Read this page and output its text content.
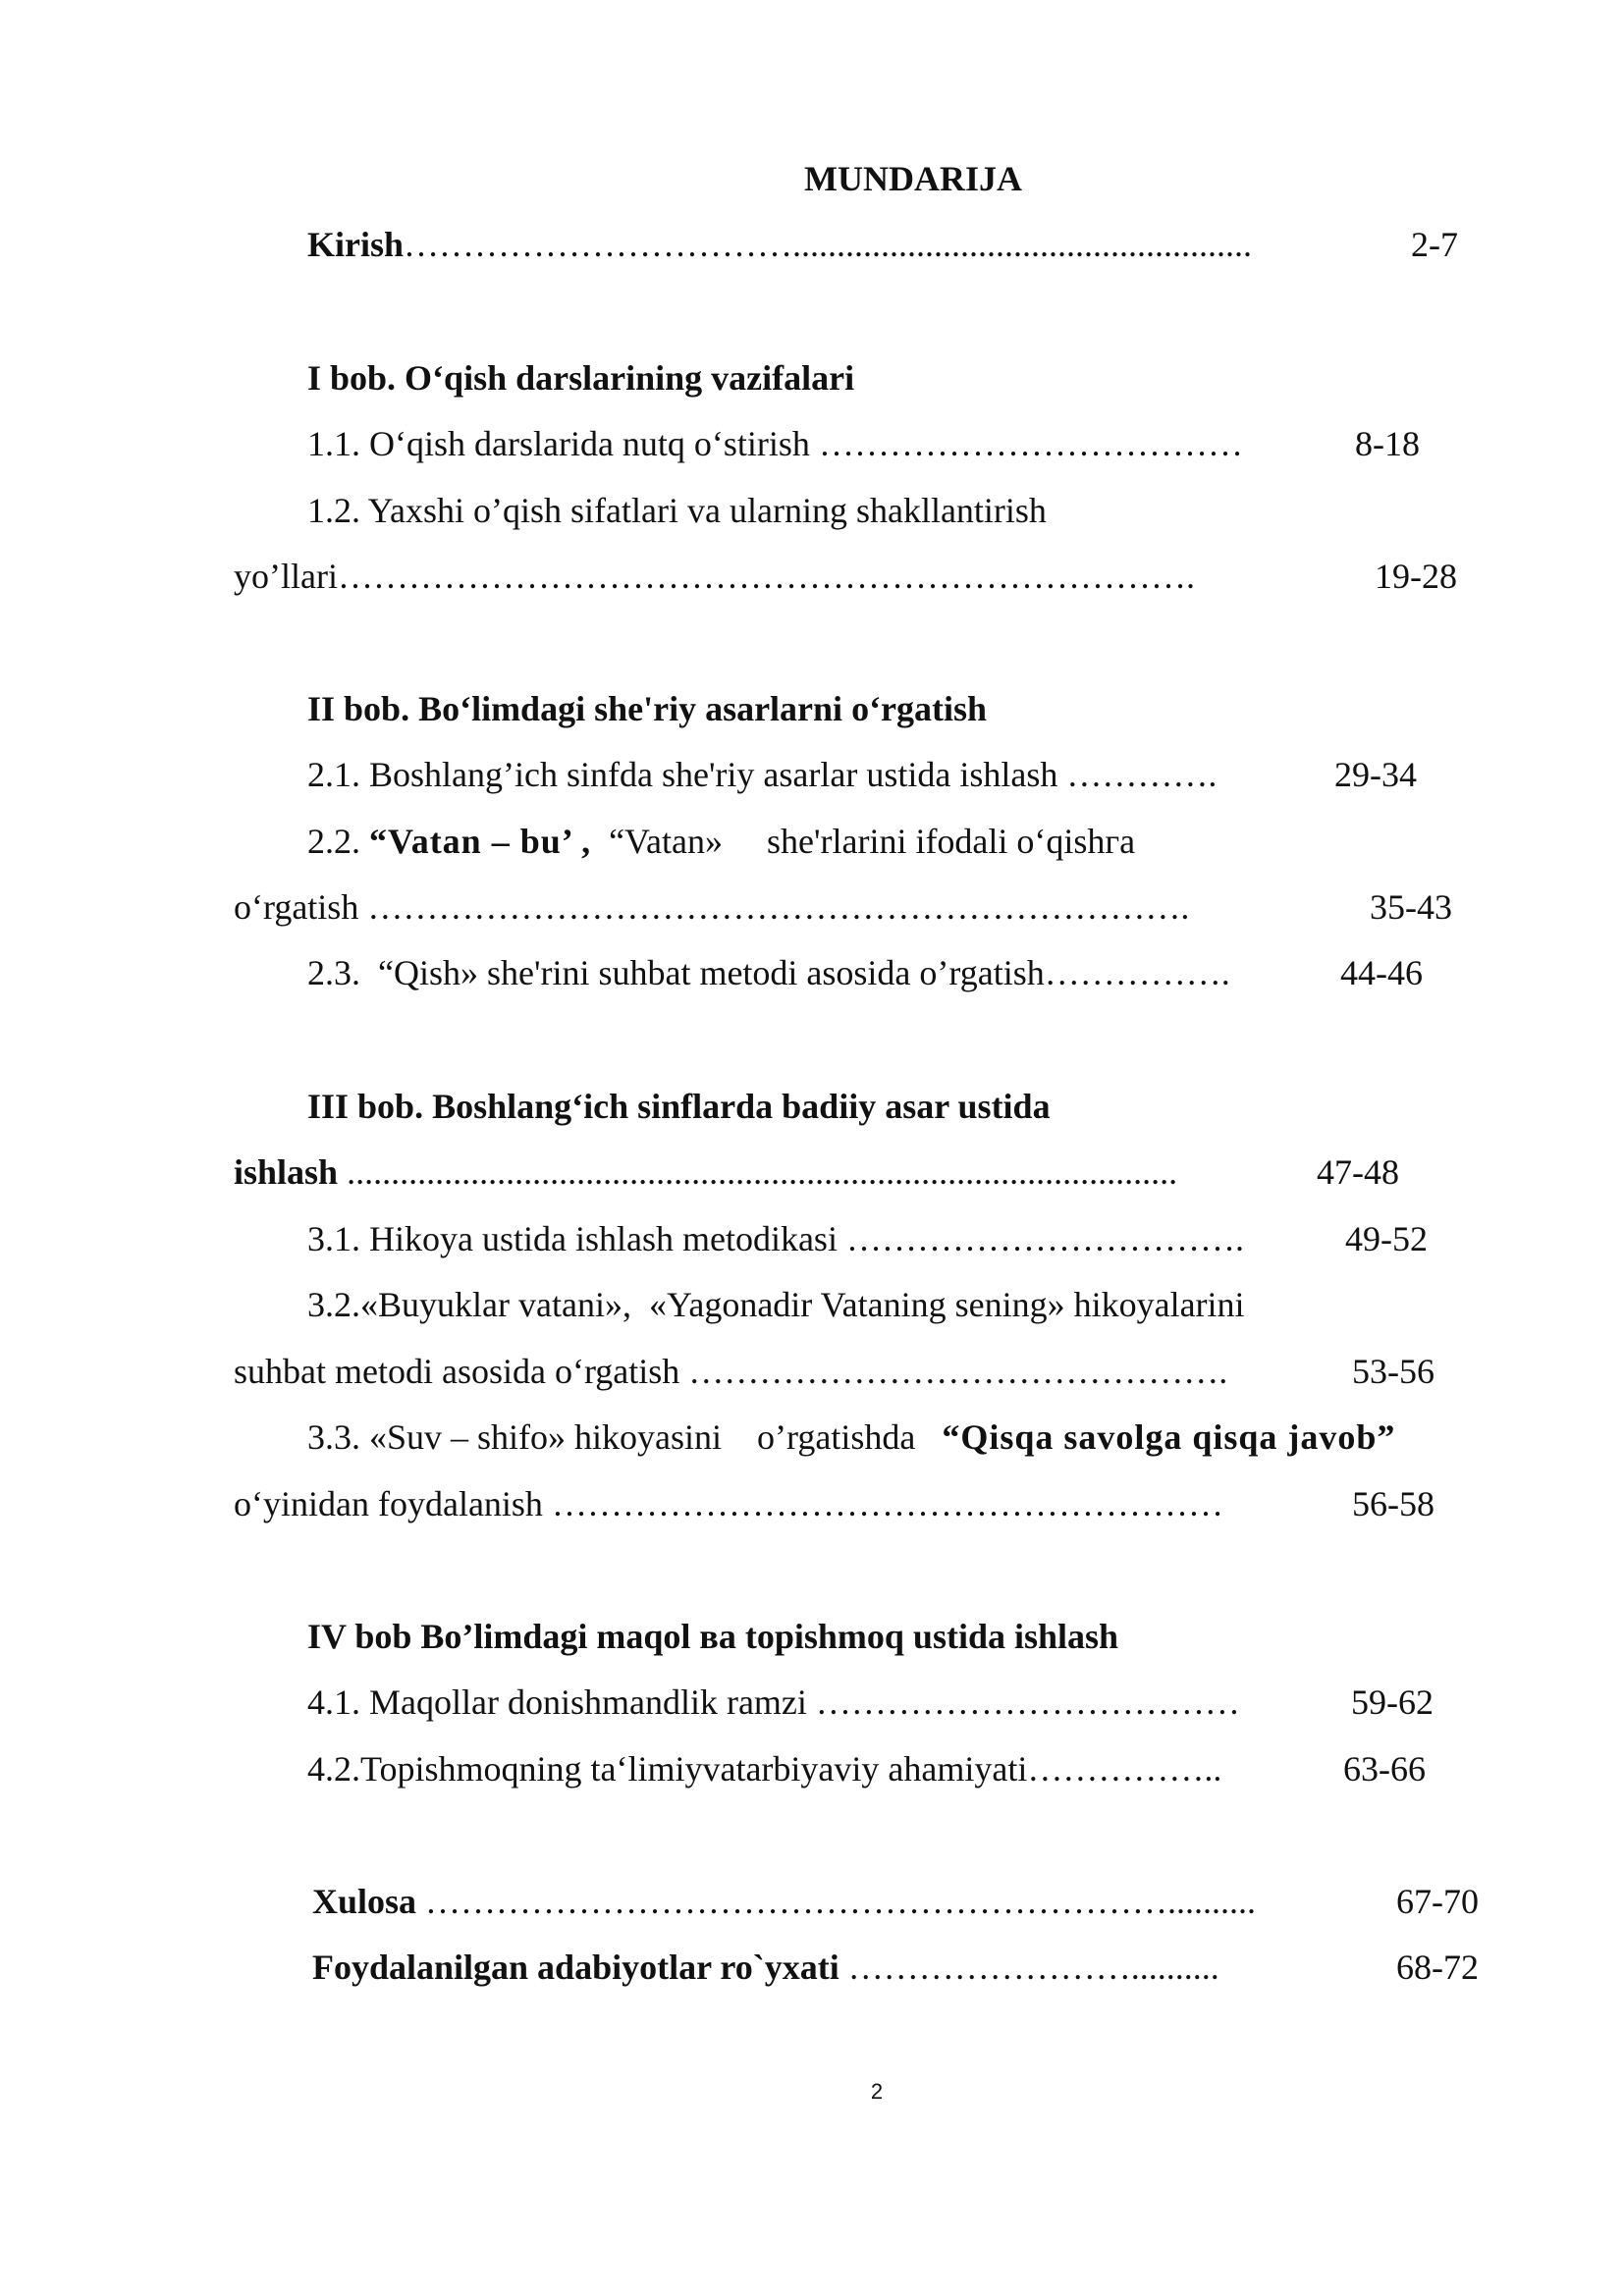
MUNDARIJA
Kirish……………………………....................................................	2-7
I bob. O‘qish darslarining vazifalari
1.1. O‘qish darslarida nutq o‘stirish ………………………………	8-18
1.2. Yaxshi o’qish sifatlari va ularning shakllantirish
yo’llari……………………………………………………………….	19-28
II bob. Bo‘limdagi she'riy asarlarni o‘rgatish
2.1. Boshlang’ich sinfda she'riy asarlar ustida ishlash ………….	29-34
2.2. “Vatan – bu’ , “Vatan»     she'rlarini ifodali o‘qishга
o‘rgatish …………………………………………………………….	35-43
2.3.  “Qish» she'rini suhbat metodi asosida o’rgatish…………….	44-46
III bob. Boshlang‘ich sinflarda badiiy asar ustida
ishlash ..............................................................................................	47-48
3.1. Hikoya ustida ishlash metodikasi …………………………….	49-52
3.2.«Buyuklar vatani»,  «Yagonadir Vataning sening» hikoyalarini
suhbat metodi asosida o‘rgatish ……………………………………….	53-56
3.3. «Suv – shifo» hikoyasini    o’rgatishda “Qisqa savolga qisqa javob”
o‘yinidan foydalanish …………………………………………………	56-58
IV bob Bo’limdagi maqol ва topishmoq ustida ishlash
4.1. Maqollar donishmandlik ramzi ………………………………	59-62
4.2.Topishmoqning ta‘limiyvatarbiyaviy ahamiyati……………..	63-66
Xulosa ………………………………………………………..........	67-70
Foydalanilgan adabiyotlar ro`yxati ……………………..........	68-72
2
